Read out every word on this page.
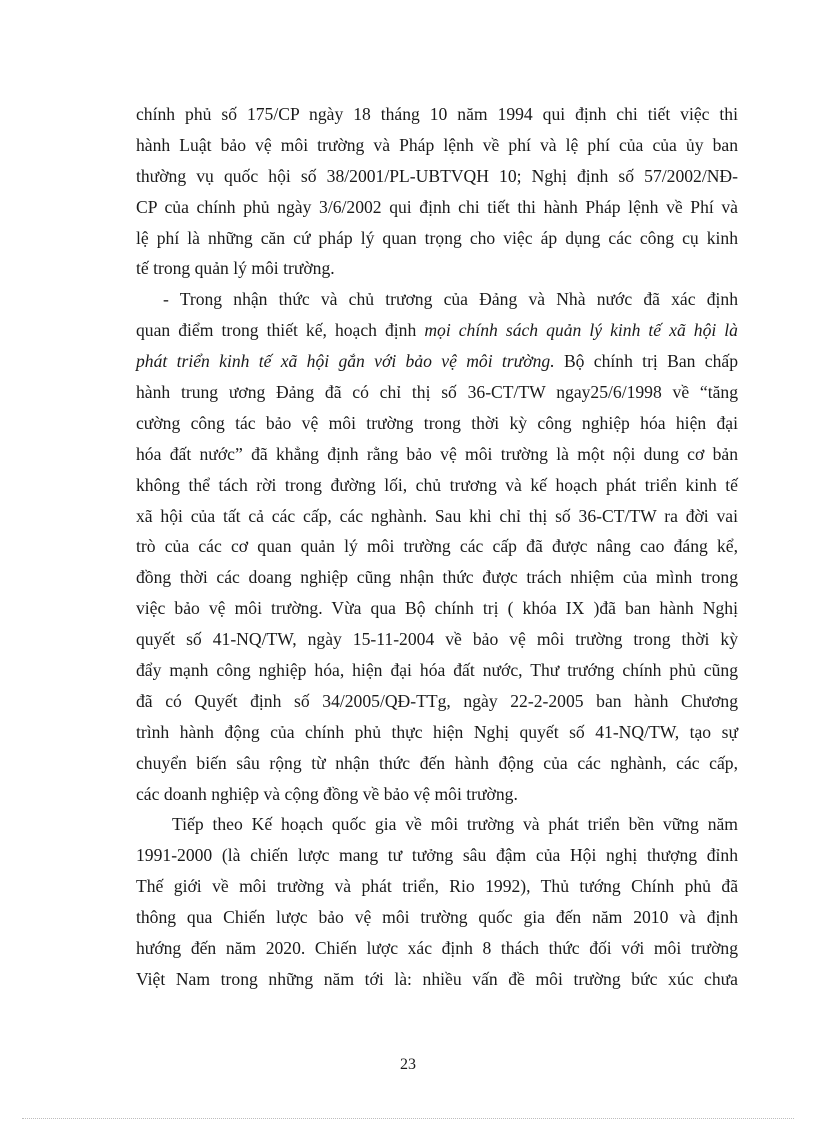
chính phủ số 175/CP ngày 18 tháng 10 năm 1994 qui định chi tiết việc thi
hành Luật bảo vệ môi trường và Pháp lệnh về phí và lệ phí của của ủy ban
thường vụ quốc hội số 38/2001/PL-UBTVQH 10; Nghị định số 57/2002/NĐ-
CP của chính phủ ngày 3/6/2002 qui định chi tiết thi hành Pháp lệnh về Phí và
lệ phí là những căn cứ pháp lý quan trọng cho việc áp dụng các công cụ kinh
tế trong quản lý môi trường.
- Trong nhận thức và chủ trương của Đảng và Nhà nước đã xác định
quan điểm trong thiết kế, hoạch định mọi chính sách quản lý kinh tế xã hội là
phát triển kinh tế xã hội gắn với bảo vệ môi trường. Bộ chính trị Ban chấp
hành trung ương Đảng đã có chỉ thị số 36-CT/TW ngay25/6/1998 về “tăng
cường công tác bảo vệ môi trường trong thời kỳ công nghiệp hóa hiện đại
hóa đất nước” đã khẳng định rằng bảo vệ môi trường là một nội dung cơ bản
không thể tách rời trong đường lối, chủ trương và kế hoạch phát triển kinh tế
xã hội của tất cả các cấp, các nghành. Sau khi chỉ thị số 36-CT/TW ra đời vai
trò của các cơ quan quản lý môi trường các cấp đã được nâng cao đáng kể,
đồng thời các doang nghiệp cũng nhận thức được trách nhiệm của mình trong
việc bảo vệ môi trường. Vừa qua Bộ chính trị ( khóa IX )đã ban hành Nghị
quyết số 41-NQ/TW, ngày 15-11-2004 về bảo vệ môi trường trong thời kỳ
đẩy mạnh công nghiệp hóa, hiện đại hóa đất nước, Thư trướng chính phủ cũng
đã có Quyết định số 34/2005/QĐ-TTg, ngày 22-2-2005 ban hành Chương
trình hành động của chính phủ thực hiện Nghị quyết số 41-NQ/TW, tạo sự
chuyển biến sâu rộng từ nhận thức đến hành động của các nghành, các cấp,
các doanh nghiệp và cộng đồng về bảo vệ môi trường.
Tiếp theo Kế hoạch quốc gia về môi trường và phát triển bền vững năm
1991-2000 (là chiến lược mang tư tưởng sâu đậm của Hội nghị thượng đỉnh
Thế giới về môi trường và phát triển, Rio 1992), Thủ tướng Chính phủ đã
thông qua Chiến lược bảo vệ môi trường quốc gia đến năm 2010 và định
hướng đến năm 2020. Chiến lược xác định 8 thách thức đối với môi trường
Việt Nam trong những năm tới là: nhiều vấn đề môi trường bức xúc chưa
23
